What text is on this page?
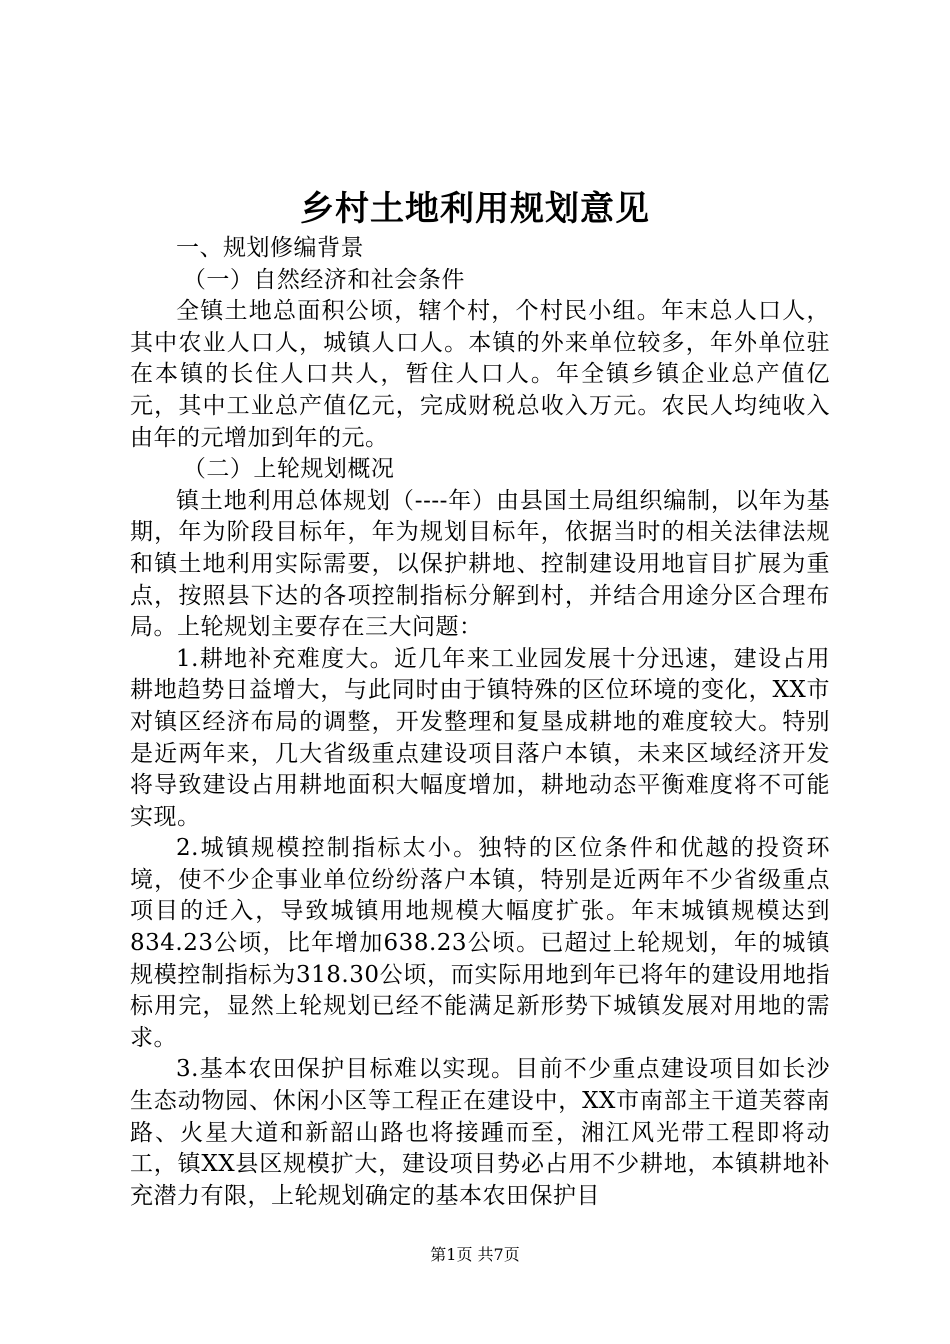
乡村土地利用规划意见

一、规划修编背景

（一）自然经济和社会条件

全镇土地总面积公顷，辖个村，个村民小组。年末总人口人，其中农业人口人，城镇人口人。本镇的外来单位较多，年外单位驻在本镇的长住人口共人，暂住人口人。年全镇乡镇企业总产值亿元，其中工业总产值亿元，完成财税总收入万元。农民人均纯收入由年的元增加到年的元。

（二）上轮规划概况

镇土地利用总体规划（----年）由县国土局组织编制，以年为基期，年为阶段目标年，年为规划目标年，依据当时的相关法律法规和镇土地利用实际需要，以保护耕地、控制建设用地盲目扩展为重点，按照县下达的各项控制指标分解到村，并结合用途分区合理布局。上轮规划主要存在三大问题：

1.耕地补充难度大。近几年来工业园发展十分迅速，建设占用耕地趋势日益增大，与此同时由于镇特殊的区位环境的变化，XX市对镇区经济布局的调整，开发整理和复垦成耕地的难度较大。特别是近两年来，几大省级重点建设项目落户本镇，未来区域经济开发将导致建设占用耕地面积大幅度增加，耕地动态平衡难度将不可能实现。

2.城镇规模控制指标太小。独特的区位条件和优越的投资环境，使不少企事业单位纷纷落户本镇，特别是近两年不少省级重点项目的迁入，导致城镇用地规模大幅度扩张。年末城镇规模达到834.23公顷，比年增加638.23公顷。已超过上轮规划，年的城镇规模控制指标为318.30公顷，而实际用地到年已将年的建设用地指标用完，显然上轮规划已经不能满足新形势下城镇发展对用地的需求。

3.基本农田保护目标难以实现。目前不少重点建设项目如长沙生态动物园、休闲小区等工程正在建设中，XX市南部主干道芙蓉南路、火星大道和新韶山路也将接踵而至，湘江风光带工程即将动工，镇XX县区规模扩大，建设项目势必占用不少耕地，本镇耕地补充潜力有限，上轮规划确定的基本农田保护目

第1页 共7页
